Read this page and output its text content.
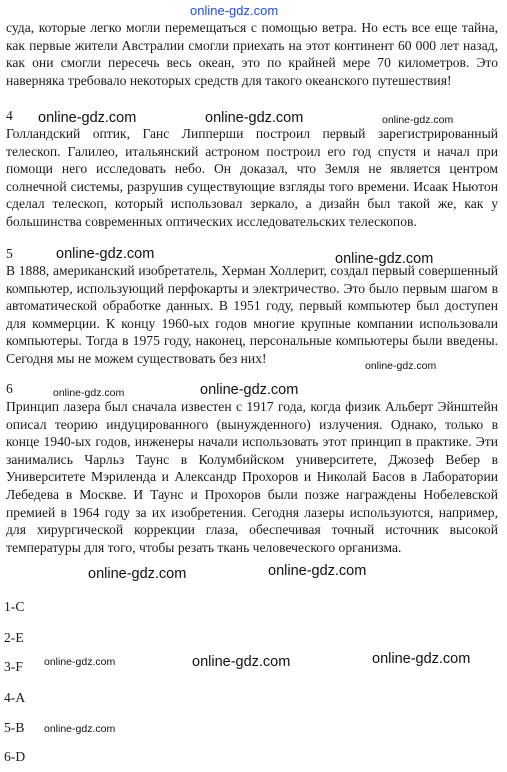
online-gdz.com

суда, которые легко могли перемещаться с помощью ветра. Но есть все еще тайна, как первые жители Австралии смогли приехать на этот континент 60 000 лет назад, как они смогли пересечь весь океан, это по крайней мере 70 километров. Это наверняка требовало некоторых средств для такого океанского путешествия!

4 online-gdz.com	online-gdz.com	online-gdz.com

Голландский оптик, Ганс Липперши построил первый зарегистрированный телескоп. Галилео, итальянский астроном построил его год спустя и начал при помощи него исследовать небо. Он доказал, что Земля не является центром солнечной системы, разрушив существующие взгляды того времени. Исаак Ньютон сделал телескоп, который использовал зеркало, а дизайн был такой же, как у большинства современных оптических исследовательских телескопов.

5	online-gdz.com	online-gdz.com

В 1888, американский изобретатель, Херман Холлерит, создал первый совершенный компьютер, использующий перфокарты и электричество. Это было первым шагом в автоматической обработке данных. В 1951 году, первый компьютер был доступен для коммерции. К концу 1960-ых годов многие крупные компании использовали компьютеры. Тогда в 1975 году, наконец, персональные компьютеры были введены. Сегодня мы не можем существовать без них!

online-gdz.com

6	online-gdz.com	online-gdz.com

Принцип лазера был сначала известен с 1917 года, когда физик Альберт Эйнштейн описал теорию индуцированного (вынужденного) излучения. Однако, только в конце 1940-ых годов, инженеры начали использовать этот принцип в практике. Эти занимались Чарльз Таунс в Колумбийском университете, Джозеф Вебер в Университете Мэриленда и Александр Прохоров и Николай Басов в Лаборатории Лебедева в Москве. И Таунс и Прохоров были позже награждены Нобелевской премией в 1964 году за их изобретения. Сегодня лазеры используются, например, для хирургической коррекции глаза, обеспечивая точный источник высокой температуры для того, чтобы резать ткань человеческого организма.

online-gdz.com	online-gdz.com

1-C

2-E

3-F

4-A

5-B

6-D

online-gdz.com	online-gdz.com	online-gdz.com
online-gdz.com
